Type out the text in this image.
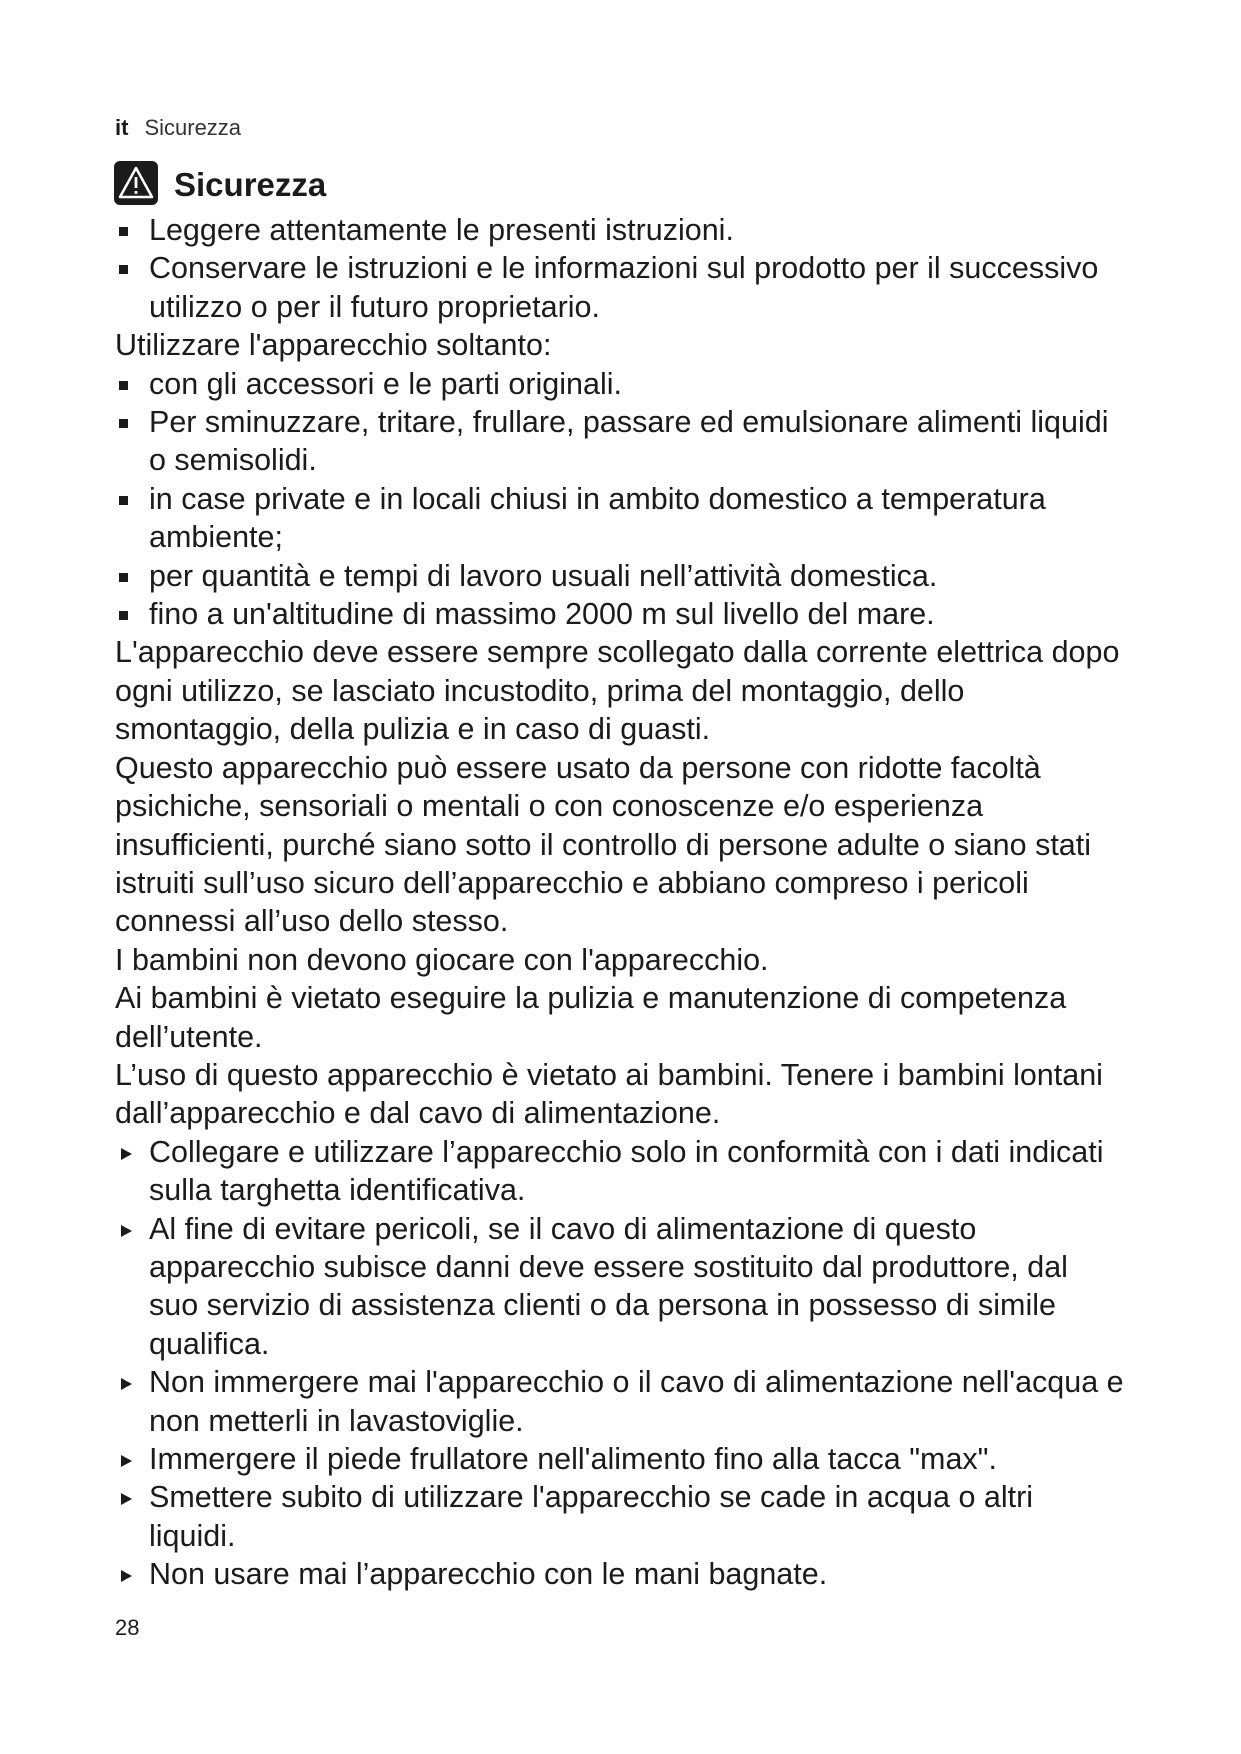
it Sicurezza
Sicurezza
Leggere attentamente le presenti istruzioni.
Conservare le istruzioni e le informazioni sul prodotto per il successivo utilizzo o per il futuro proprietario.
Utilizzare l'apparecchio soltanto:
con gli accessori e le parti originali.
Per sminuzzare, tritare, frullare, passare ed emulsionare alimenti liquidi o semisolidi.
in case private e in locali chiusi in ambito domestico a temperatura ambiente;
per quantità e tempi di lavoro usuali nell’attività domestica.
fino a un'altitudine di massimo 2000 m sul livello del mare.
L'apparecchio deve essere sempre scollegato dalla corrente elettrica dopo ogni utilizzo, se lasciato incustodito, prima del montaggio, dello smontaggio, della pulizia e in caso di guasti.
Questo apparecchio può essere usato da persone con ridotte facoltà psichiche, sensoriali o mentali o con conoscenze e/o esperienza insufficienti, purché siano sotto il controllo di persone adulte o siano stati istruiti sull’uso sicuro dell’apparecchio e abbiano compreso i pericoli connessi all’uso dello stesso.
I bambini non devono giocare con l'apparecchio.
Ai bambini è vietato eseguire la pulizia e manutenzione di competenza dell’utente.
L’uso di questo apparecchio è vietato ai bambini. Tenere i bambini lontani dall’apparecchio e dal cavo di alimentazione.
Collegare e utilizzare l’apparecchio solo in conformità con i dati indicati sulla targhetta identificativa.
Al fine di evitare pericoli, se il cavo di alimentazione di questo apparecchio subisce danni deve essere sostituito dal produttore, dal suo servizio di assistenza clienti o da persona in possesso di simile qualifica.
Non immergere mai l'apparecchio o il cavo di alimentazione nell'acqua e non metterli in lavastoviglie.
Immergere il piede frullatore nell'alimento fino alla tacca "max".
Smettere subito di utilizzare l'apparecchio se cade in acqua o altri liquidi.
Non usare mai l’apparecchio con le mani bagnate.
28
